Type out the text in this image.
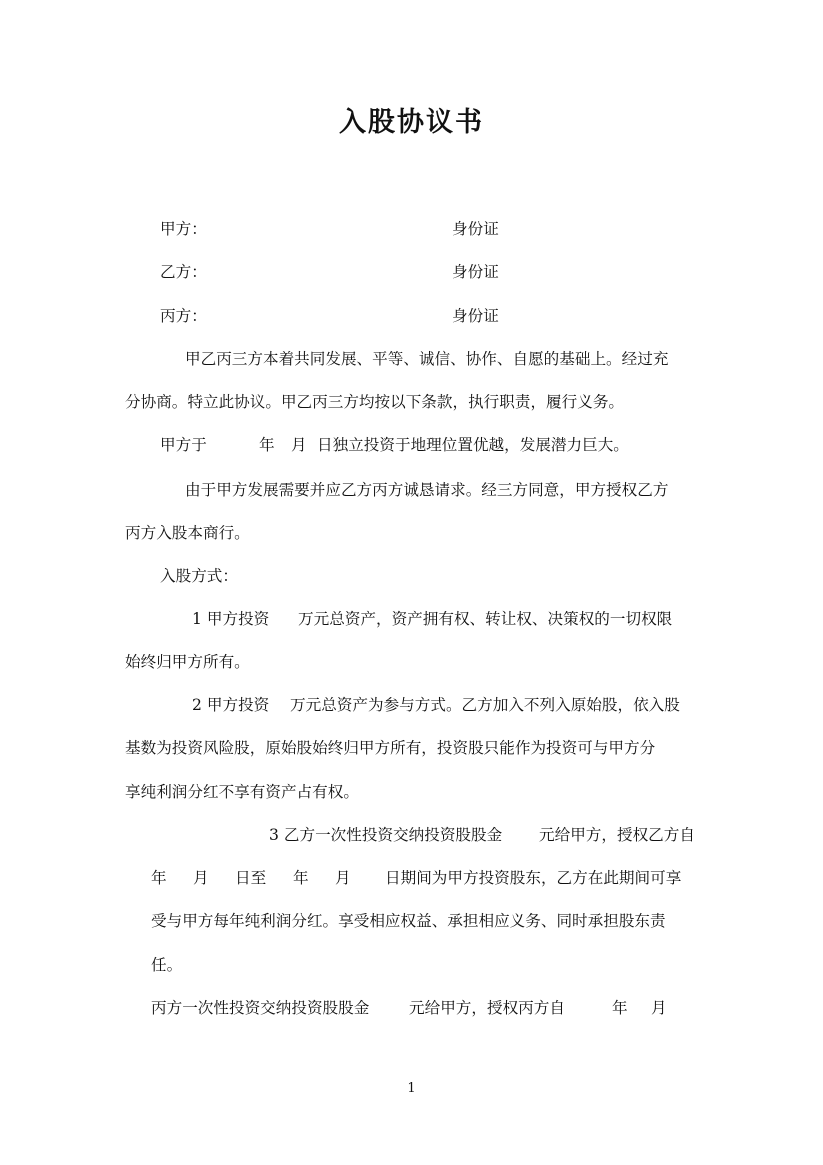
入股协议书
甲方：	身份证
乙方：	身份证
丙方：	身份证
甲乙丙三方本着共同发展、平等、诚信、协作、自愿的基础上。经过充
分协商。特立此协议。甲乙丙三方均按以下条款，执行职责，履行义务。
甲方于	年 月 日独立投资于地理位置优越，发展潜力巨大。
由于甲方发展需要并应乙方丙方诚恳请求。经三方同意，甲方授权乙方
丙方入股本商行。
入股方式：
1 甲方投资 万元总资产，资产拥有权、转让权、决策权的一切权限
始终归甲方所有。
2 甲方投资 万元总资产为参与方式。乙方加入不列入原始股，依入股
基数为投资风险股，原始股始终归甲方所有，投资股只能作为投资可与甲方分
享纯利润分红不享有资产占有权。
3 乙方一次性投资交纳投资股股金 元给甲方，授权乙方自
年 月 日至 年 月 日期间为甲方投资股东，乙方在此期间可享
受与甲方每年纯利润分红。享受相应权益、承担相应义务、同时承担股东责
任。
丙方一次性投资交纳投资股股金	元给甲方，授权丙方自	年 月
1
